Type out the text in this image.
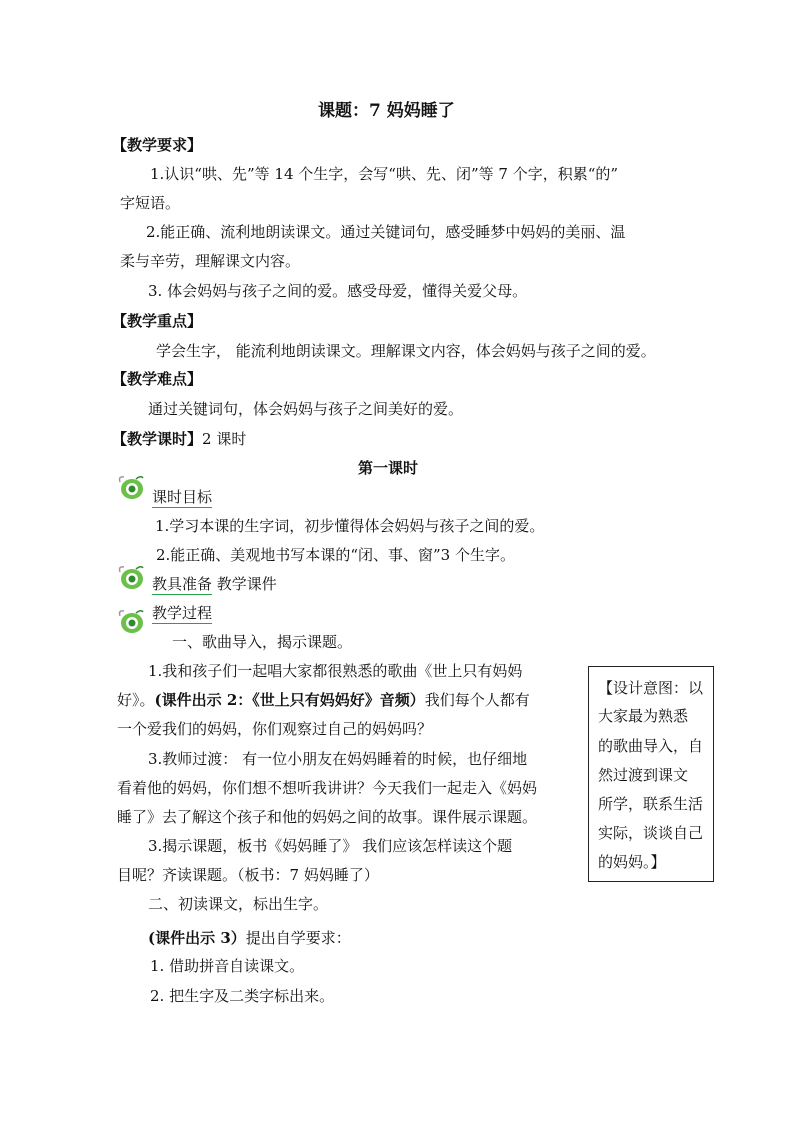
课题：7 妈妈睡了
【教学要求】
1.认识“哄、先”等 14 个生字，会写“哄、先、闭”等 7 个字，积累“的”
字短语。
2.能正确、流利地朗读课文。通过关键词句，感受睡梦中妈妈的美丽、温
柔与辛劳，理解课文内容。
3. 体会妈妈与孩子之间的爱。感受母爱，懂得关爱父母。
【教学重点】
学会生字， 能流利地朗读课文。理解课文内容，体会妈妈与孩子之间的爱。
【教学难点】
通过关键词句，体会妈妈与孩子之间美好的爱。
【教学课时】2 课时
第一课时
课时目标
1.学习本课的生字词，初步懂得体会妈妈与孩子之间的爱。
2.能正确、美观地书写本课的“闭、事、窗”3 个生字。
教具准备 教学课件
教学过程
一、歌曲导入，揭示课题。
1.我和孩子们一起唱大家都很熟悉的歌曲《世上只有妈妈
好》。(课件出示 2：《世上只有妈妈好》音频）我们每个人都有
一个爱我们的妈妈，你们观察过自己的妈妈吗？
3.教师过渡： 有一位小朋友在妈妈睡着的时候，也仔细地
看着他的妈妈，你们想不想听我讲讲？今天我们一起走入《妈妈
睡了》去了解这个孩子和他的妈妈之间的故事。课件展示课题。
3.揭示课题，板书《妈妈睡了》 我们应该怎样读这个题
目呢？齐读课题。（板书：7 妈妈睡了）
二、初读课文，标出生字。
(课件出示 3）提出自学要求：
1. 借助拼音自读课文。
2. 把生字及二类字标出来。
【设计意图：以
大家最为熟悉
的歌曲导入，自
然过渡到课文
所学，联系生活
实际，谈谈自己
的妈妈。】
